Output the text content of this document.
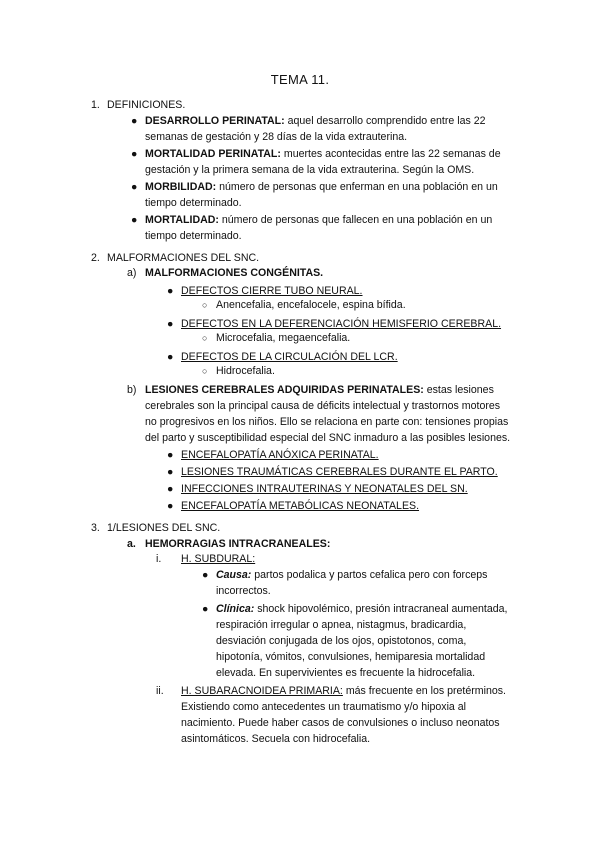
TEMA 11.
1. DEFINICIONES.
● DESARROLLO PERINATAL: aquel desarrollo comprendido entre las 22
semanas de gestación y 28 días de la vida extrauterina.
● MORTALIDAD PERINATAL: muertes acontecidas entre las 22 semanas de
gestación y la primera semana de la vida extrauterina. Según la OMS.
● MORBILIDAD: número de personas que enferman en una población en un
tiempo determinado.
● MORTALIDAD: número de personas que fallecen en una población en un
tiempo determinado.
2. MALFORMACIONES DEL SNC.
a) MALFORMACIONES CONGÉNITAS.
● DEFECTOS CIERRE TUBO NEURAL.
○ Anencefalia, encefalocele, espina bífida.
● DEFECTOS EN LA DEFERENCIACIÓN HEMISFERIO CEREBRAL.
○ Microcefalia, megaencefalia.
● DEFECTOS DE LA CIRCULACIÓN DEL LCR.
○ Hidrocefalia.
b) LESIONES CEREBRALES ADQUIRIDAS PERINATALES: estas lesiones
cerebrales son la principal causa de déficits intelectual y trastornos motores
no progresivos en los niños. Ello se relaciona en parte con: tensiones propias
del parto y susceptibilidad especial del SNC inmaduro a las posibles lesiones.
● ENCEFALOPATÍA ANÓXICA PERINATAL.
● LESIONES TRAUMÁTICAS CEREBRALES DURANTE EL PARTO.
● INFECCIONES INTRAUTERINAS Y NEONATALES DEL SN.
● ENCEFALOPATÍA METABÓLICAS NEONATALES.
3. 1/LESIONES DEL SNC.
a. HEMORRAGIAS INTRACRANEALES:
i. H. SUBDURAL:
● Causa: partos podalica y partos cefalica pero con forceps
incorrectos.
● Clínica: shock hipovolémico, presión intracraneal aumentada,
respiración irregular o apnea, nistagmus, bradicardia,
desviación conjugada de los ojos, opistotonos, coma,
hipotonía, vómitos, convulsiones, hemiparesia mortalidad
elevada. En supervivientes es frecuente la hidrocefalia.
ii. H. SUBARACNOIDEA PRIMARIA: más frecuente en los pretérminos.
Existiendo como antecedentes un traumatismo y/o hipoxia al
nacimiento. Puede haber casos de convulsiones o incluso neonatos
asintomáticos. Secuela con hidrocefalia.
